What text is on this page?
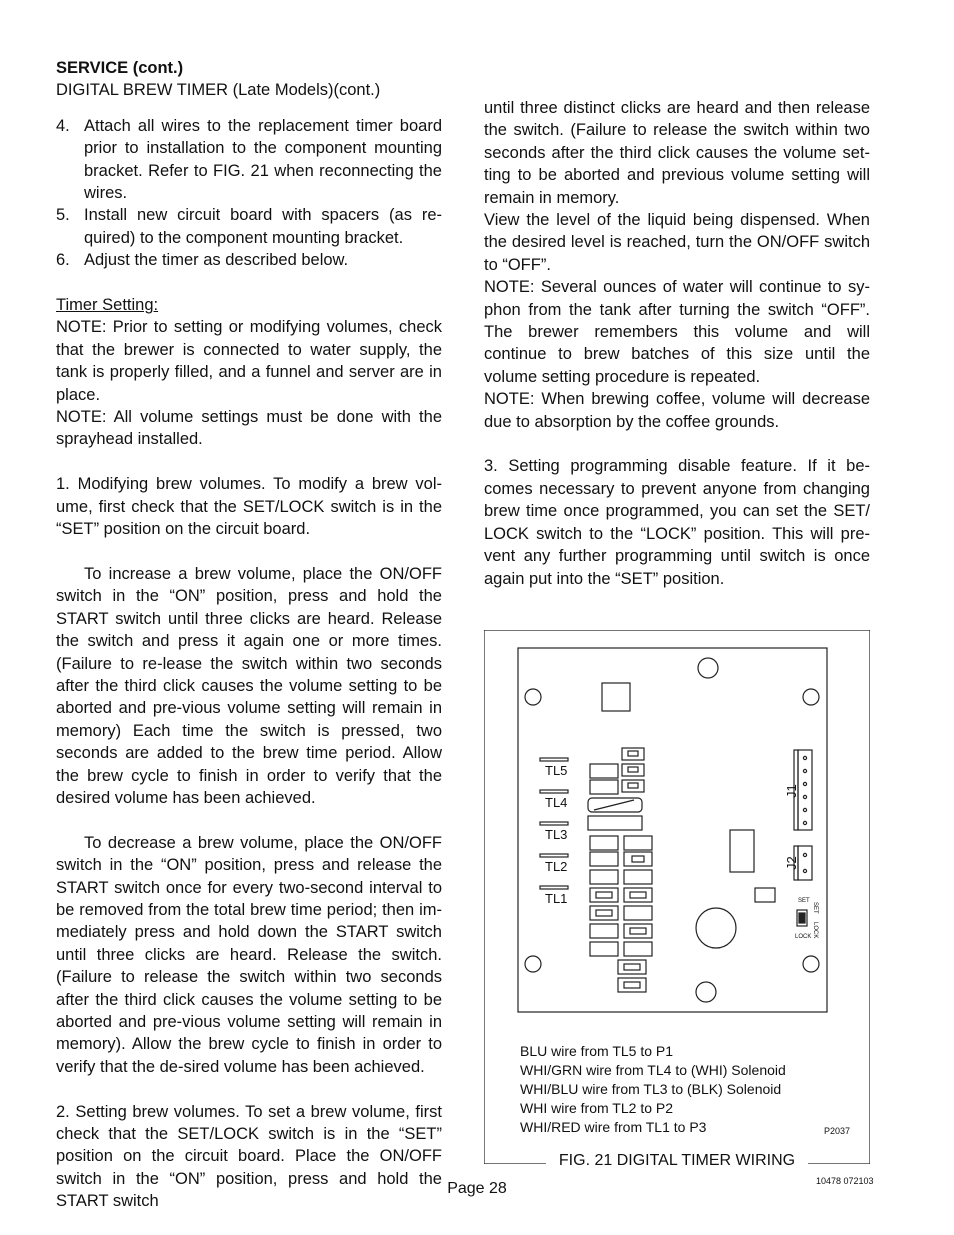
SERVICE (cont.)

DIGITAL BREW TIMER (Late Models)(cont.)

4. Attach all wires to the replacement timer board prior to installation to the component mounting bracket. Refer to FIG. 21 when reconnecting the wires.
5. Install new circuit board with spacers (as re-quired) to the component mounting bracket.
6. Adjust the timer as described below.

Timer Setting:

NOTE: Prior to setting or modifying volumes, check that the brewer is connected to water supply, the tank is properly filled, and a funnel and server are in place.

NOTE: All volume settings must be done with the sprayhead installed.

1. Modifying brew volumes. To modify a brew vol-ume, first check that the SET/LOCK switch is in the “SET” position on the circuit board.

To increase a brew volume, place the ON/OFF switch in the “ON” position, press and hold the START switch until three clicks are heard. Release the switch and press it again one or more times. (Failure to re-lease the switch within two seconds after the third click causes the volume setting to be aborted and pre-vious volume setting will remain in memory) Each time the switch is pressed, two seconds are added to the brew time period. Allow the brew cycle to finish in order to verify that the desired volume has been achieved.

To decrease a brew volume, place the ON/OFF switch in the “ON” position, press and release the START switch once for every two-second interval to be removed from the total brew time period; then im-mediately press and hold down the START switch until three clicks are heard. Release the switch. (Failure to release the switch within two seconds after the third click causes the volume setting to be aborted and pre-vious volume setting will remain in memory). Allow the brew cycle to finish in order to verify that the de-sired volume has been achieved.

2. Setting brew volumes. To set a brew volume, first check that the SET/LOCK switch is in the “SET” position on the circuit board. Place the ON/OFF switch in the “ON” position, press and hold the START switch

until three distinct clicks are heard and then release the switch. (Failure to release the switch within two seconds after the third click causes the volume set-ting to be aborted and previous volume setting will remain in memory.

View the level of the liquid being dispensed. When the desired level is reached, turn the ON/OFF switch to “OFF”.

NOTE: Several ounces of water will continue to sy-phon from the tank after turning the switch “OFF”. The brewer remembers this volume and will continue to brew batches of this size until the volume setting procedure is repeated.

NOTE: When brewing coffee, volume will decrease due to absorption by the coffee grounds.

3. Setting programming disable feature. If it be-comes necessary to prevent anyone from changing brew time once programmed, you can set the SET/ LOCK switch to the “LOCK” position. This will pre-vent any further programming until switch is once again put into the “SET” position.

TL5
TL4
TL3
TL2
TL1
J1
J2
SET
LOCK
SET
LOCK
BLU wire from TL5 to P1
WHI/GRN wire from TL4 to (WHI) Solenoid
WHI/BLU wire from TL3 to (BLK) Solenoid
WHI wire from TL2 to P2
WHI/RED wire from TL1 to P3	P2037
FIG. 21 DIGITAL TIMER WIRING
Page 28	10478 072103
